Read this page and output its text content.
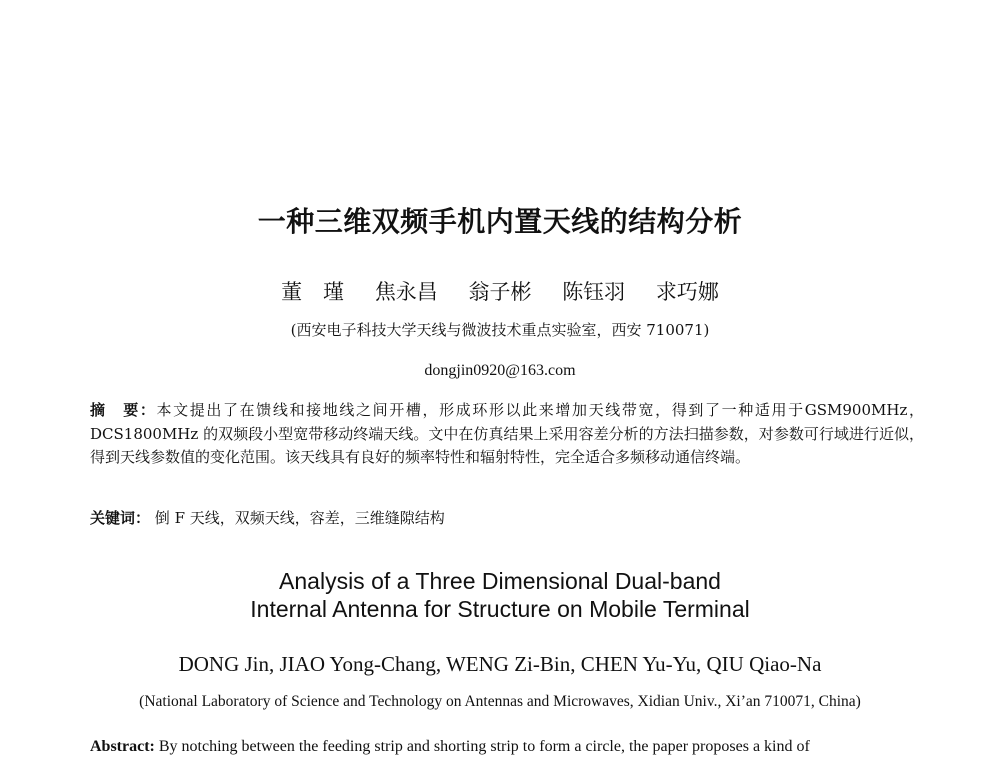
一种三维双频手机内置天线的结构分析
董　瑾 焦永昌 翁子彬 陈钰羽 求巧娜
(西安电子科技大学天线与微波技术重点实验室，西安 710071)
dongjin0920@163.com
摘　要：本文提出了在馈线和接地线之间开槽，形成环形以此来增加天线带宽，得到了一种适用于GSM900MHz，DCS1800MHz 的双频段小型宽带移动终端天线。文中在仿真结果上采用容差分析的方法扫描参数，对参数可行域进行近似，得到天线参数值的变化范围。该天线具有良好的频率特性和辐射特性，完全适合多频移动通信终端。
关键词： 倒 F 天线，双频天线，容差，三维缝隙结构
Analysis of a Three Dimensional Dual-band
Internal Antenna for Structure on Mobile Terminal
DONG Jin, JIAO Yong-Chang, WENG Zi-Bin, CHEN Yu-Yu, QIU Qiao-Na
(National Laboratory of Science and Technology on Antennas and Microwaves, Xidian Univ., Xi’an 710071, China)
Abstract: By notching between the feeding strip and shorting strip to form a circle, the paper proposes a kind of
